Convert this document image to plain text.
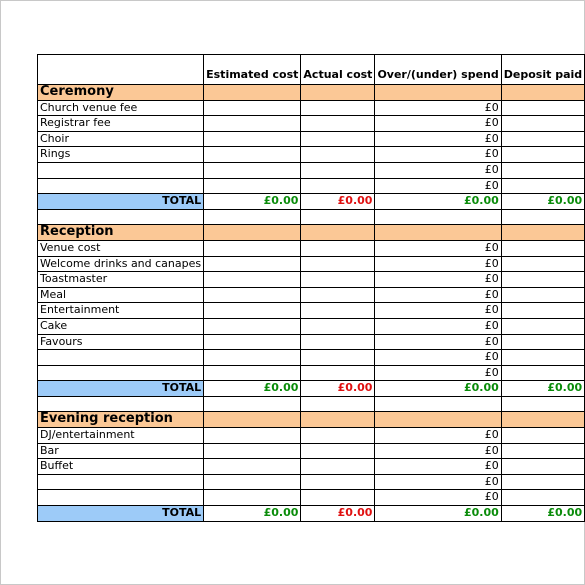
	Estimated cost	Actual cost	Over/(under) spend	Deposit paid
Ceremony				
Church venue fee			£0	
Registrar fee			£0	
Choir			£0	
Rings			£0	
			£0	
			£0	
TOTAL	£0.00	£0.00	£0.00	£0.00

Reception				
Venue cost			£0	
Welcome drinks and canapes			£0	
Toastmaster			£0	
Meal			£0	
Entertainment			£0	
Cake			£0	
Favours			£0	
			£0	
			£0	
TOTAL	£0.00	£0.00	£0.00	£0.00

Evening reception				
DJ/entertainment			£0	
Bar			£0	
Buffet			£0	
			£0	
			£0	
TOTAL	£0.00	£0.00	£0.00	£0.00
